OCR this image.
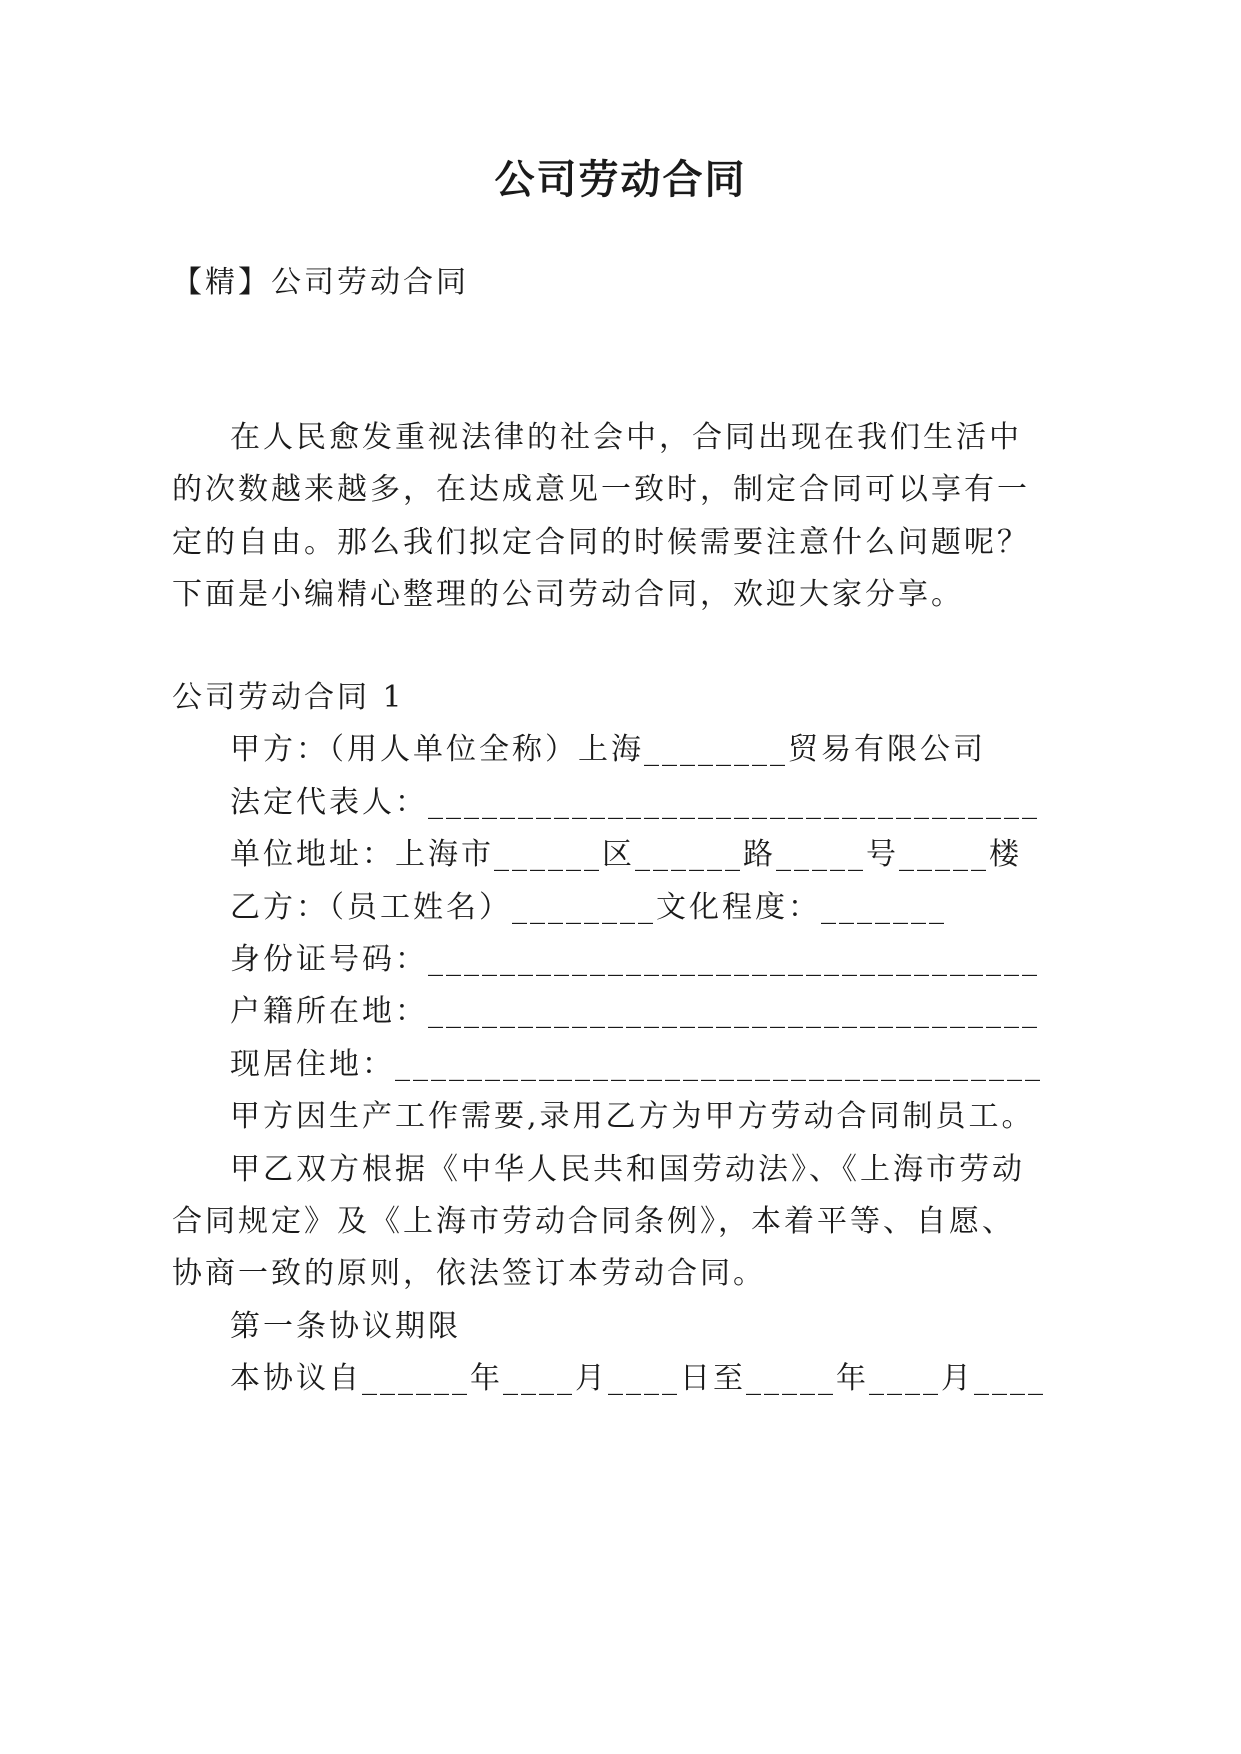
公司劳动合同
【精】公司劳动合同
在人民愈发重视法律的社会中，合同出现在我们生活中
的次数越来越多，在达成意见一致时，制定合同可以享有一
定的自由。那么我们拟定合同的时候需要注意什么问题呢？
下面是小编精心整理的公司劳动合同，欢迎大家分享。
公司劳动合同 1
甲方：（用人单位全称）上海________贸易有限公司
法定代表人：__________________________________
单位地址：上海市______区______路_____号_____楼
乙方：（员工姓名）________文化程度：_______
身份证号码：__________________________________
户籍所在地：__________________________________
现居住地：____________________________________
甲方因生产工作需要,录用乙方为甲方劳动合同制员工。
甲乙双方根据《中华人民共和国劳动法》、《上海市劳动
合同规定》及《上海市劳动合同条例》，本着平等、自愿、
协商一致的原则，依法签订本劳动合同。
第一条协议期限
本协议自______年____月____日至_____年____月____
